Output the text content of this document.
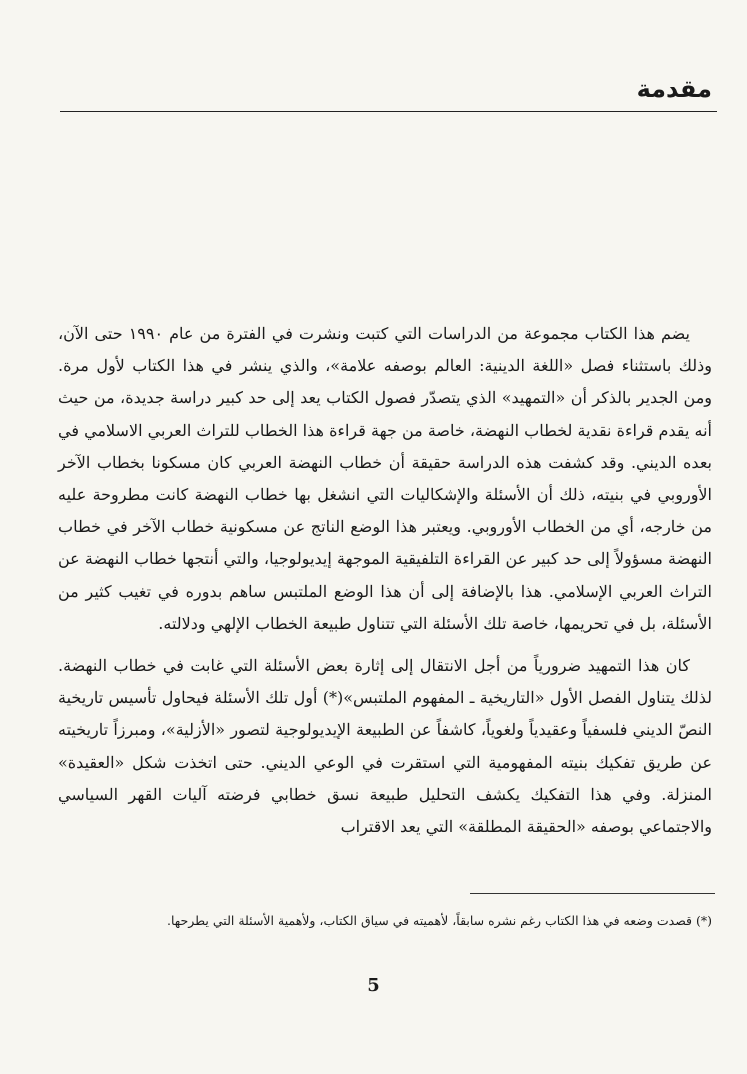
مقدمة

يضم هذا الكتاب مجموعة من الدراسات التي كتبت ونشرت في الفترة من عام ١٩٩٠ حتى الآن، وذلك باستثناء فصل «اللغة الدينية: العالم بوصفه علامة»، والذي ينشر في هذا الكتاب لأول مرة. ومن الجدير بالذكر أن «التمهيد» الذي يتصدّر فصول الكتاب يعد إلى حد كبير دراسة جديدة، من حيث أنه يقدم قراءة نقدية لخطاب النهضة، خاصة من جهة قراءة هذا الخطاب للتراث العربي الاسلامي في بعده الديني. وقد كشفت هذه الدراسة حقيقة أن خطاب النهضة العربي كان مسكونا بخطاب الآخر الأوروبي في بنيته، ذلك أن الأسئلة والإشكاليات التي انشغل بها خطاب النهضة كانت مطروحة عليه من خارجه، أي من الخطاب الأوروبي. ويعتبر هذا الوضع الناتج عن مسكونية خطاب الآخر في خطاب النهضة مسؤولاً إلى حد كبير عن القراءة التلفيقية الموجهة إيديولوجيا، والتي أنتجها خطاب النهضة عن التراث العربي الإسلامي. هذا بالإضافة إلى أن هذا الوضع الملتبس ساهم بدوره في تغيب كثير من الأسئلة، بل في تحريمها، خاصة تلك الأسئلة التي تتناول طبيعة الخطاب الإلهي ودلالته.

كان هذا التمهيد ضرورياً من أجل الانتقال إلى إثارة بعض الأسئلة التي غابت في خطاب النهضة. لذلك يتناول الفصل الأول «التاريخية ـ المفهوم الملتبس»(*) أول تلك الأسئلة فيحاول تأسيس تاريخية النصّ الديني فلسفياً وعقيدياً ولغوياً، كاشفاً عن الطبيعة الإيديولوجية لتصور «الأزلية»، ومبرزاً تاريخيته عن طريق تفكيك بنيته المفهومية التي استقرت في الوعي الديني. حتى اتخذت شكل «العقيدة» المنزلة. وفي هذا التفكيك يكشف التحليل طبيعة نسق خطابي فرضته آليات القهر السياسي والاجتماعي بوصفه «الحقيقة المطلقة» التي يعد الاقتراب

(*) قصدت وضعه في هذا الكتاب رغم نشره سابقاً، لأهميته في سياق الكتاب، ولأهمية الأسئلة التي يطرحها.
5
